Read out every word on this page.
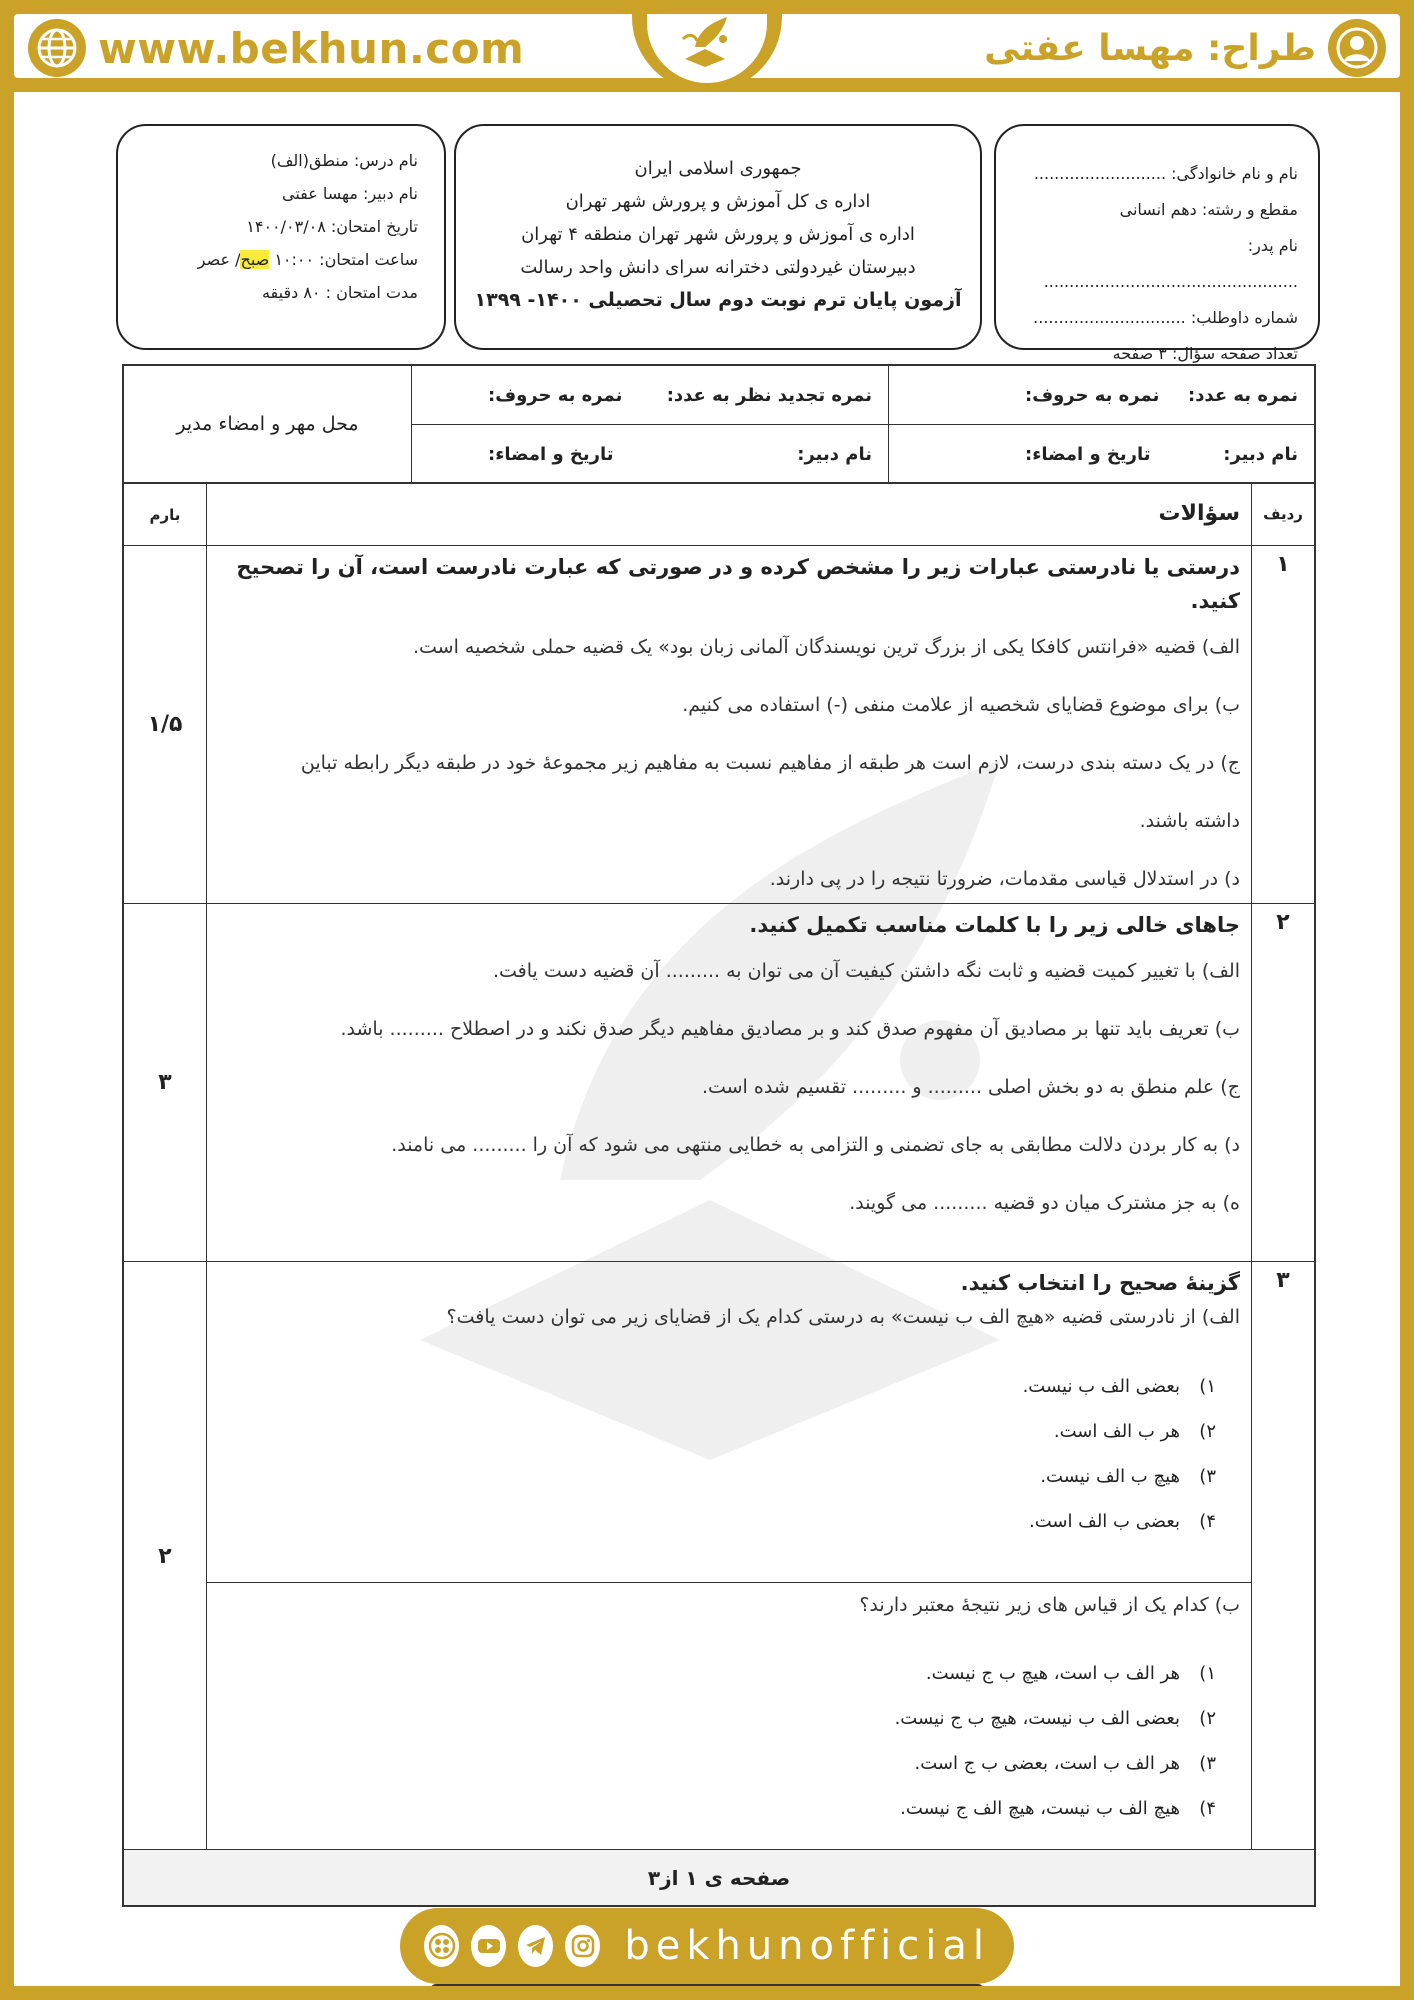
www.bekhun.com	طراح: مهسا عفتی
نام و نام خانوادگی: ..........................
مقطع و رشته: دهم انسانی
نام پدر: ..................................................
شماره داوطلب: ..............................
تعداد صفحه سؤال: ۳ صفحه
جمهوری اسلامی ایران
اداره ی کل آموزش و پرورش شهر تهران
اداره ی آموزش و پرورش شهر تهران منطقه ۴ تهران
دبیرستان غیردولتی دخترانه سرای دانش واحد رسالت
آزمون پایان ترم نوبت دوم سال تحصیلی ۱۴۰۰- ۱۳۹۹
نام درس: منطق(الف)
نام دبیر: مهسا عفتی
تاریخ امتحان: ۱۴۰۰/۰۳/۰۸
ساعت امتحان: ۱۰:۰۰ صبح/ عصر
مدت امتحان : ۸۰ دقیقه
نمره به عدد:
نمره به حروف:
نمره تجدید نظر به عدد:
نمره به حروف:
نام دبیر:
تاریخ و امضاء:
نام دبیر:
تاریخ و امضاء:
محل مهر و امضاء مدیر
ردیف
سؤالات
بارم
۱
درستی یا نادرستی عبارات زیر را مشخص کرده و در صورتی که عبارت نادرست است، آن را تصحیح کنید.
الف) قضیه «فرانتس کافکا یکی از بزرگ ترین نویسندگان آلمانی زبان بود» یک قضیه حملی شخصیه است.
ب) برای موضوع قضایای شخصیه از علامت منفی (-) استفاده می کنیم.
ج) در یک دسته بندی درست، لازم است هر طبقه از مفاهیم نسبت به مفاهیم زیر مجموعهٔ خود در طبقه دیگر رابطه تباین
داشته باشند.
د) در استدلال قیاسی مقدمات، ضرورتا نتیجه را در پی دارند.
۱/۵
۲
جاهای خالی زیر را با کلمات مناسب تکمیل کنید.
الف) با تغییر کمیت قضیه و ثابت نگه داشتن کیفیت آن می توان به ......... آن قضیه دست یافت.
ب) تعریف باید تنها بر مصادیق آن مفهوم صدق کند و بر مصادیق مفاهیم دیگر صدق نکند و در اصطلاح ......... باشد.
ج) علم منطق به دو بخش اصلی ......... و ......... تقسیم شده است.
د) به کار بردن دلالت مطابقی به جای تضمنی و التزامی به خطایی منتهی می شود که آن را ......... می نامند.
ه) به جز مشترک میان دو قضیه ......... می گویند.
۳
۳
گزینهٔ صحیح را انتخاب کنید.
الف) از نادرستی قضیه «هیچ الف ب نیست» به درستی کدام یک از قضایای زیر می توان دست یافت؟
۱)بعضی الف ب نیست.
۲)هر ب الف است.
۳)هیچ ب الف نیست.
۴)بعضی ب الف است.
ب) کدام یک از قیاس های زیر نتیجهٔ معتبر دارند؟
۱)هر الف ب است، هیچ ب ج نیست.
۲)بعضی الف ب نیست، هیچ ب ج نیست.
۳)هر الف ب است، بعضی ب ج است.
۴)هیچ الف ب نیست، هیچ الف ج نیست.
۲
صفحه ی ۱ از۳
bekhunofficial
